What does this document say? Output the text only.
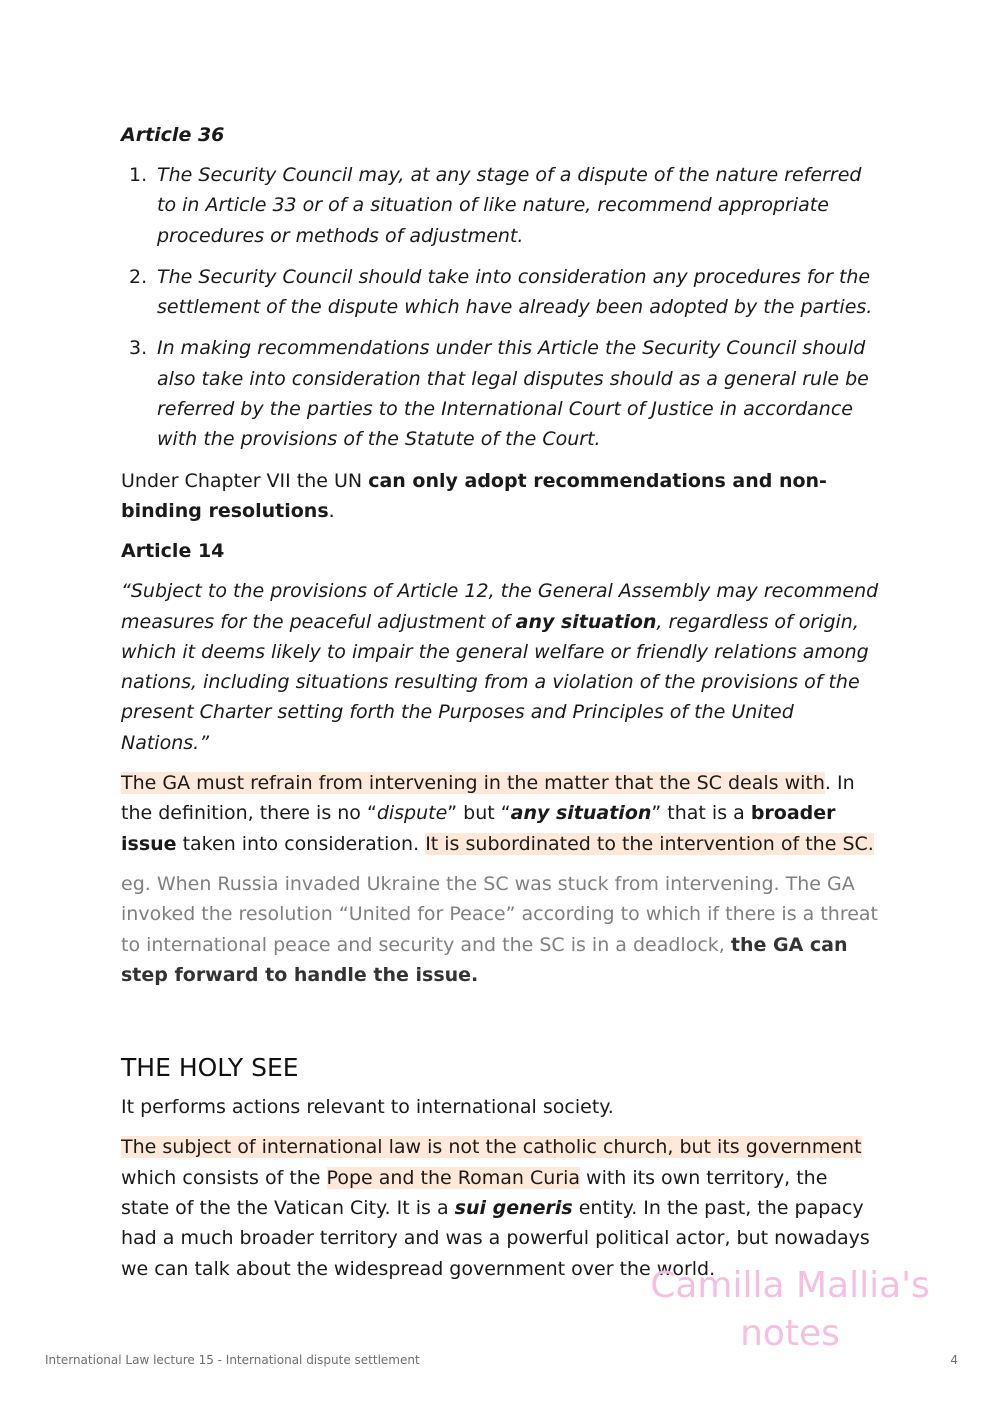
Article 36
1. The Security Council may, at any stage of a dispute of the nature referred to in Article 33 or of a situation of like nature, recommend appropriate procedures or methods of adjustment.
2. The Security Council should take into consideration any procedures for the settlement of the dispute which have already been adopted by the parties.
3. In making recommendations under this Article the Security Council should also take into consideration that legal disputes should as a general rule be referred by the parties to the International Court of Justice in accordance with the provisions of the Statute of the Court.

Under Chapter VII the UN can only adopt recommendations and non-binding resolutions.

Article 14

“Subject to the provisions of Article 12, the General Assembly may recommend measures for the peaceful adjustment of any situation, regardless of origin, which it deems likely to impair the general welfare or friendly relations among nations, including situations resulting from a violation of the provisions of the present Charter setting forth the Purposes and Principles of the United Nations.”

The GA must refrain from intervening in the matter that the SC deals with. In the definition, there is no “dispute” but “any situation” that is a broader issue taken into consideration. It is subordinated to the intervention of the SC.

eg. When Russia invaded Ukraine the SC was stuck from intervening. The GA invoked the resolution “United for Peace” according to which if there is a threat to international peace and security and the SC is in a deadlock, the GA can step forward to handle the issue.

THE HOLY SEE

It performs actions relevant to international society.

The subject of international law is not the catholic church, but its government which consists of the Pope and the Roman Curia with its own territory, the state of the the Vatican City. It is a sui generis entity. In the past, the papacy had a much broader territory and was a powerful political actor, but nowadays we can talk about the widespread government over the world.

Camilla Mallia's
notes
International Law lecture 15 - International dispute settlement	4
